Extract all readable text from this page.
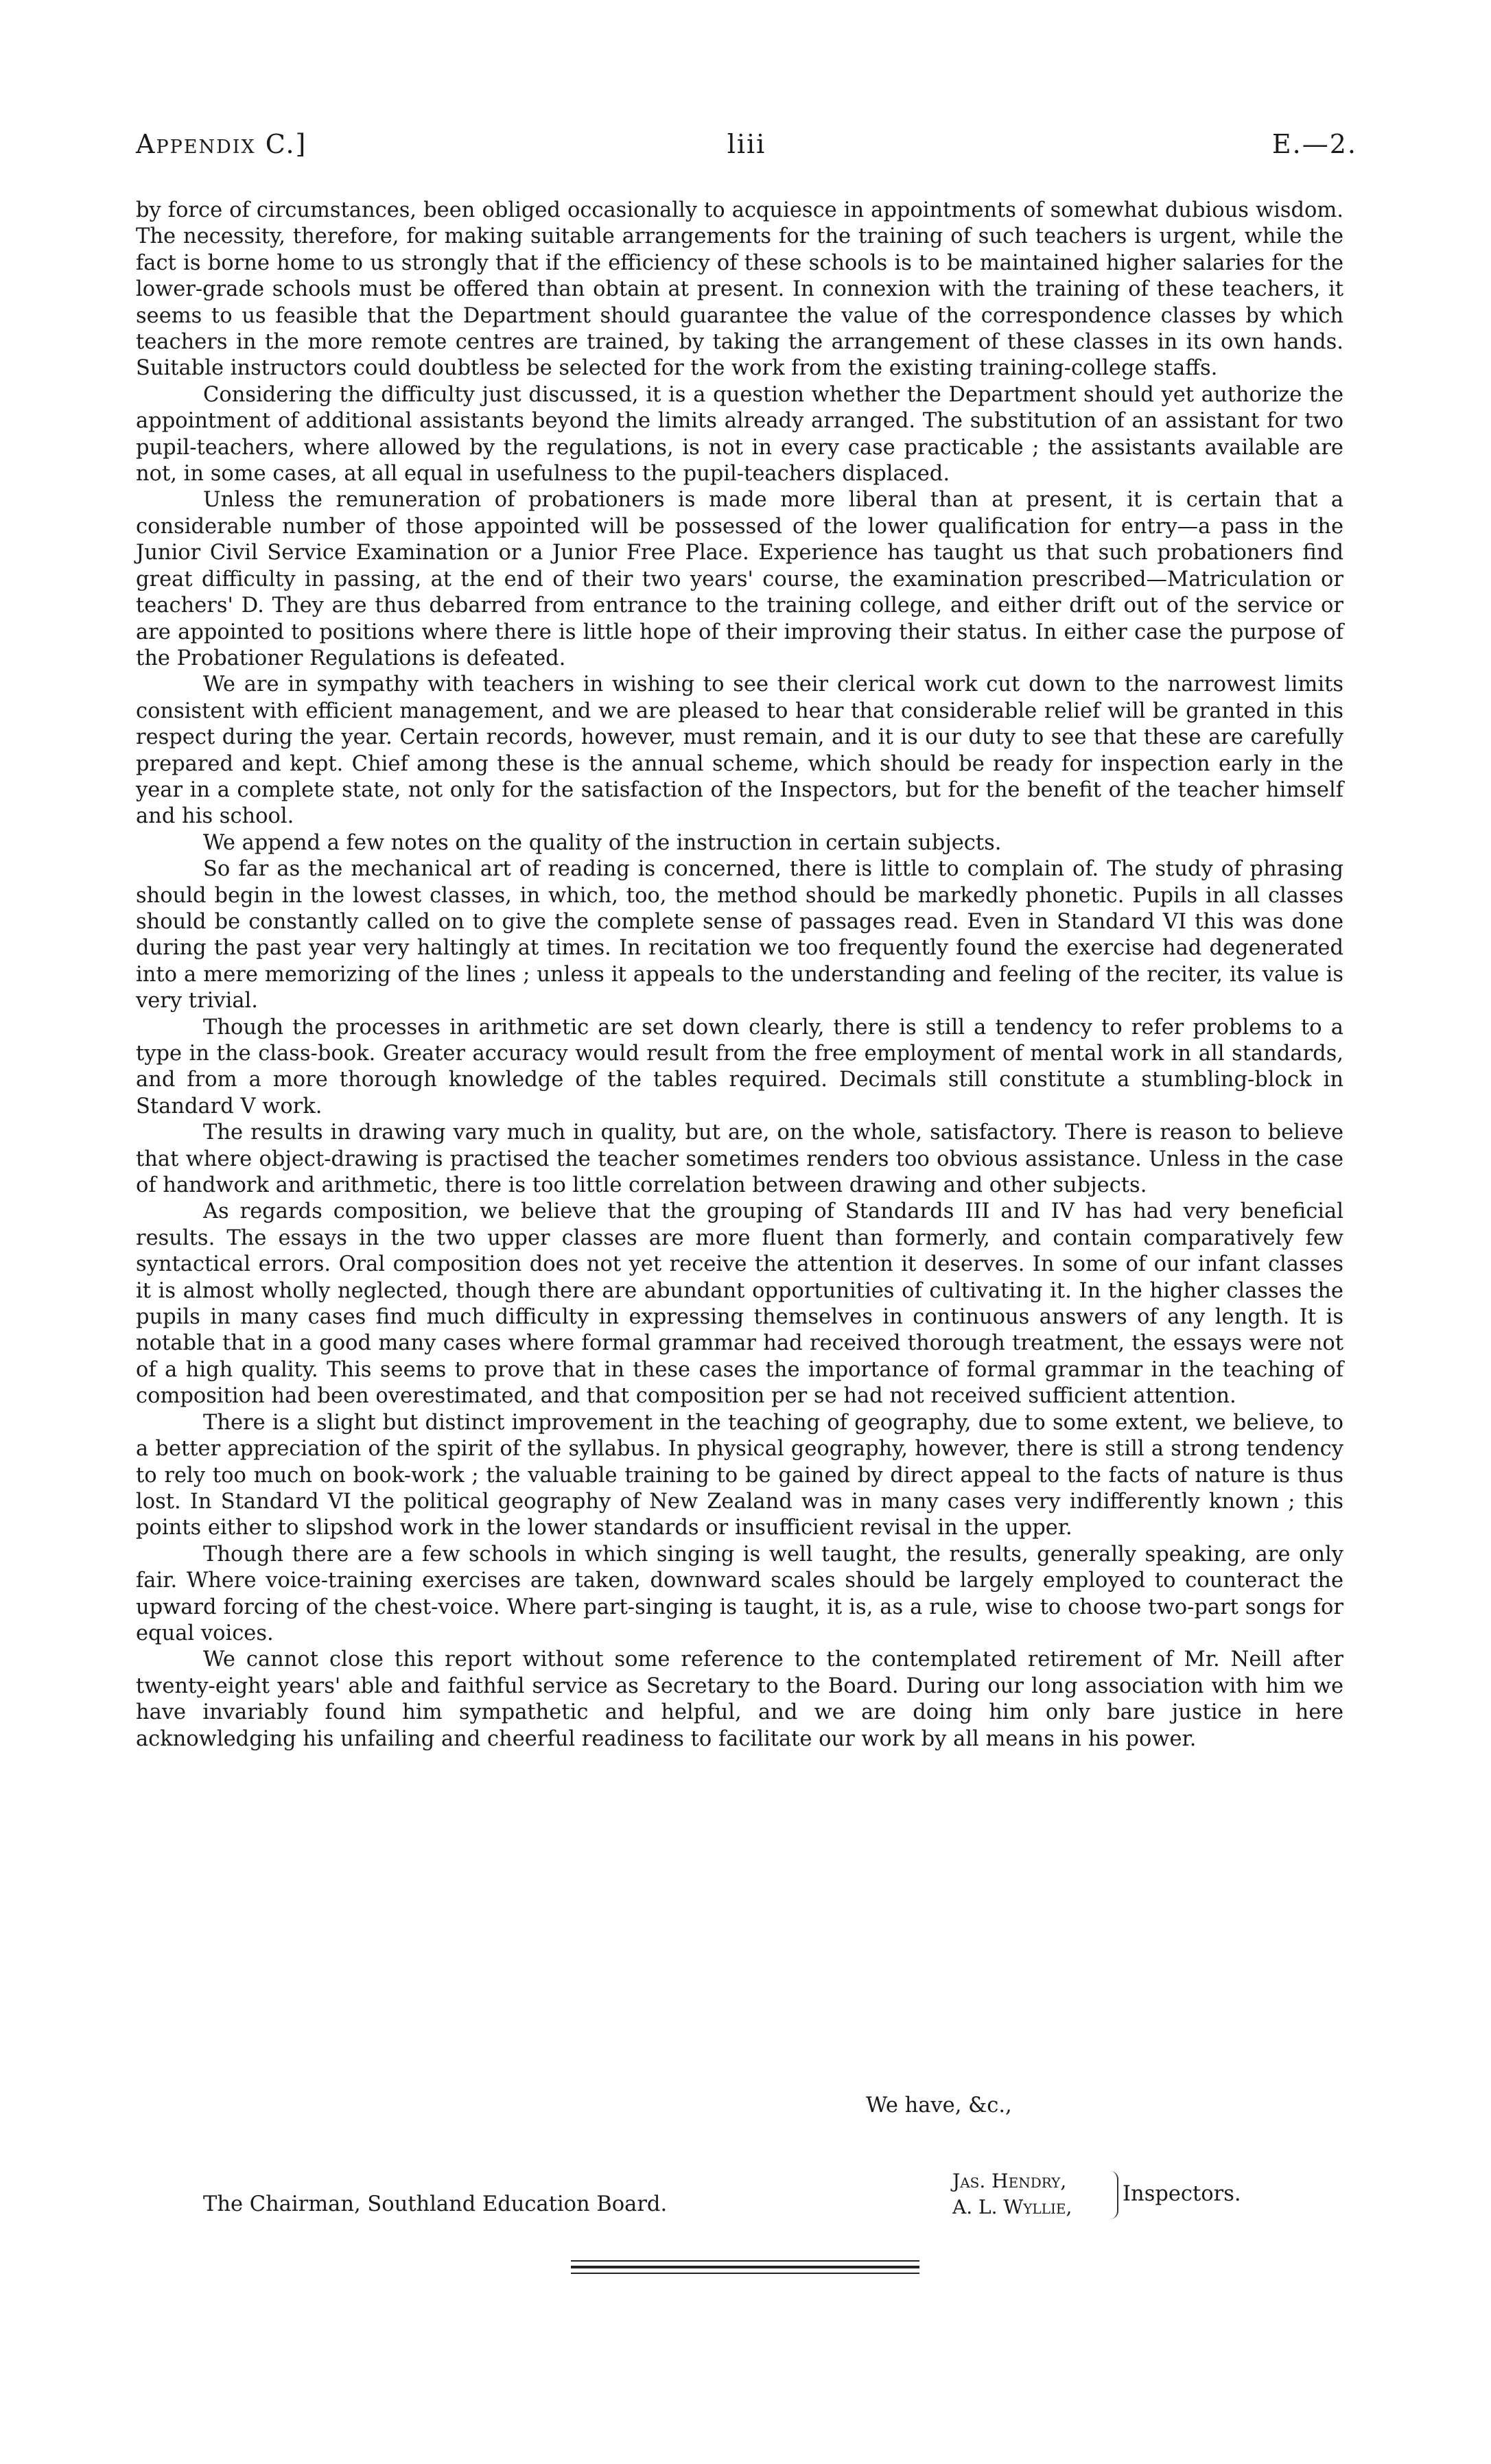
Appendix C.]	liii	E.—2.

by force of circumstances, been obliged occasionally to acquiesce in appointments of somewhat dubious wisdom. The necessity, therefore, for making suitable arrangements for the training of such teachers is urgent, while the fact is borne home to us strongly that if the efficiency of these schools is to be maintained higher salaries for the lower-grade schools must be offered than obtain at present. In connexion with the training of these teachers, it seems to us feasible that the Department should guarantee the value of the correspondence classes by which teachers in the more remote centres are trained, by taking the arrangement of these classes in its own hands. Suitable instructors could doubtless be selected for the work from the existing training-college staffs.

Considering the difficulty just discussed, it is a question whether the Department should yet authorize the appointment of additional assistants beyond the limits already arranged. The substitution of an assistant for two pupil-teachers, where allowed by the regulations, is not in every case practicable ; the assistants available are not, in some cases, at all equal in usefulness to the pupil-teachers displaced.

Unless the remuneration of probationers is made more liberal than at present, it is certain that a considerable number of those appointed will be possessed of the lower qualification for entry—a pass in the Junior Civil Service Examination or a Junior Free Place. Experience has taught us that such probationers find great difficulty in passing, at the end of their two years' course, the examination prescribed—Matriculation or teachers' D. They are thus debarred from entrance to the training college, and either drift out of the service or are appointed to positions where there is little hope of their improving their status. In either case the purpose of the Probationer Regulations is defeated.

We are in sympathy with teachers in wishing to see their clerical work cut down to the narrowest limits consistent with efficient management, and we are pleased to hear that considerable relief will be granted in this respect during the year. Certain records, however, must remain, and it is our duty to see that these are carefully prepared and kept. Chief among these is the annual scheme, which should be ready for inspection early in the year in a complete state, not only for the satisfaction of the Inspectors, but for the benefit of the teacher himself and his school.

We append a few notes on the quality of the instruction in certain subjects.

So far as the mechanical art of reading is concerned, there is little to complain of. The study of phrasing should begin in the lowest classes, in which, too, the method should be markedly phonetic. Pupils in all classes should be constantly called on to give the complete sense of passages read. Even in Standard VI this was done during the past year very haltingly at times. In recitation we too frequently found the exercise had degenerated into a mere memorizing of the lines ; unless it appeals to the understanding and feeling of the reciter, its value is very trivial.

Though the processes in arithmetic are set down clearly, there is still a tendency to refer problems to a type in the class-book. Greater accuracy would result from the free employment of mental work in all standards, and from a more thorough knowledge of the tables required. Decimals still constitute a stumbling-block in Standard V work.

The results in drawing vary much in quality, but are, on the whole, satisfactory. There is reason to believe that where object-drawing is practised the teacher sometimes renders too obvious assistance. Unless in the case of handwork and arithmetic, there is too little correlation between drawing and other subjects.

As regards composition, we believe that the grouping of Standards III and IV has had very beneficial results. The essays in the two upper classes are more fluent than formerly, and contain comparatively few syntactical errors. Oral composition does not yet receive the attention it deserves. In some of our infant classes it is almost wholly neglected, though there are abundant opportunities of cultivating it. In the higher classes the pupils in many cases find much difficulty in expressing themselves in continuous answers of any length. It is notable that in a good many cases where formal grammar had received thorough treatment, the essays were not of a high quality. This seems to prove that in these cases the importance of formal grammar in the teaching of composition had been overestimated, and that composition per se had not received sufficient attention.

There is a slight but distinct improvement in the teaching of geography, due to some extent, we believe, to a better appreciation of the spirit of the syllabus. In physical geography, however, there is still a strong tendency to rely too much on book-work ; the valuable training to be gained by direct appeal to the facts of nature is thus lost. In Standard VI the political geography of New Zealand was in many cases very indifferently known ; this points either to slipshod work in the lower standards or insufficient revisal in the upper.

Though there are a few schools in which singing is well taught, the results, generally speaking, are only fair. Where voice-training exercises are taken, downward scales should be largely employed to counteract the upward forcing of the chest-voice. Where part-singing is taught, it is, as a rule, wise to choose two-part songs for equal voices.

We cannot close this report without some reference to the contemplated retirement of Mr. Neill after twenty-eight years' able and faithful service as Secretary to the Board. During our long association with him we have invariably found him sympathetic and helpful, and we are doing him only bare justice in here acknowledging his unfailing and cheerful readiness to facilitate our work by all means in his power.

We have, &c.,
The Chairman, Southland Education Board.
Jas. Hendry,
A. L. Wyllie,
Inspectors.
